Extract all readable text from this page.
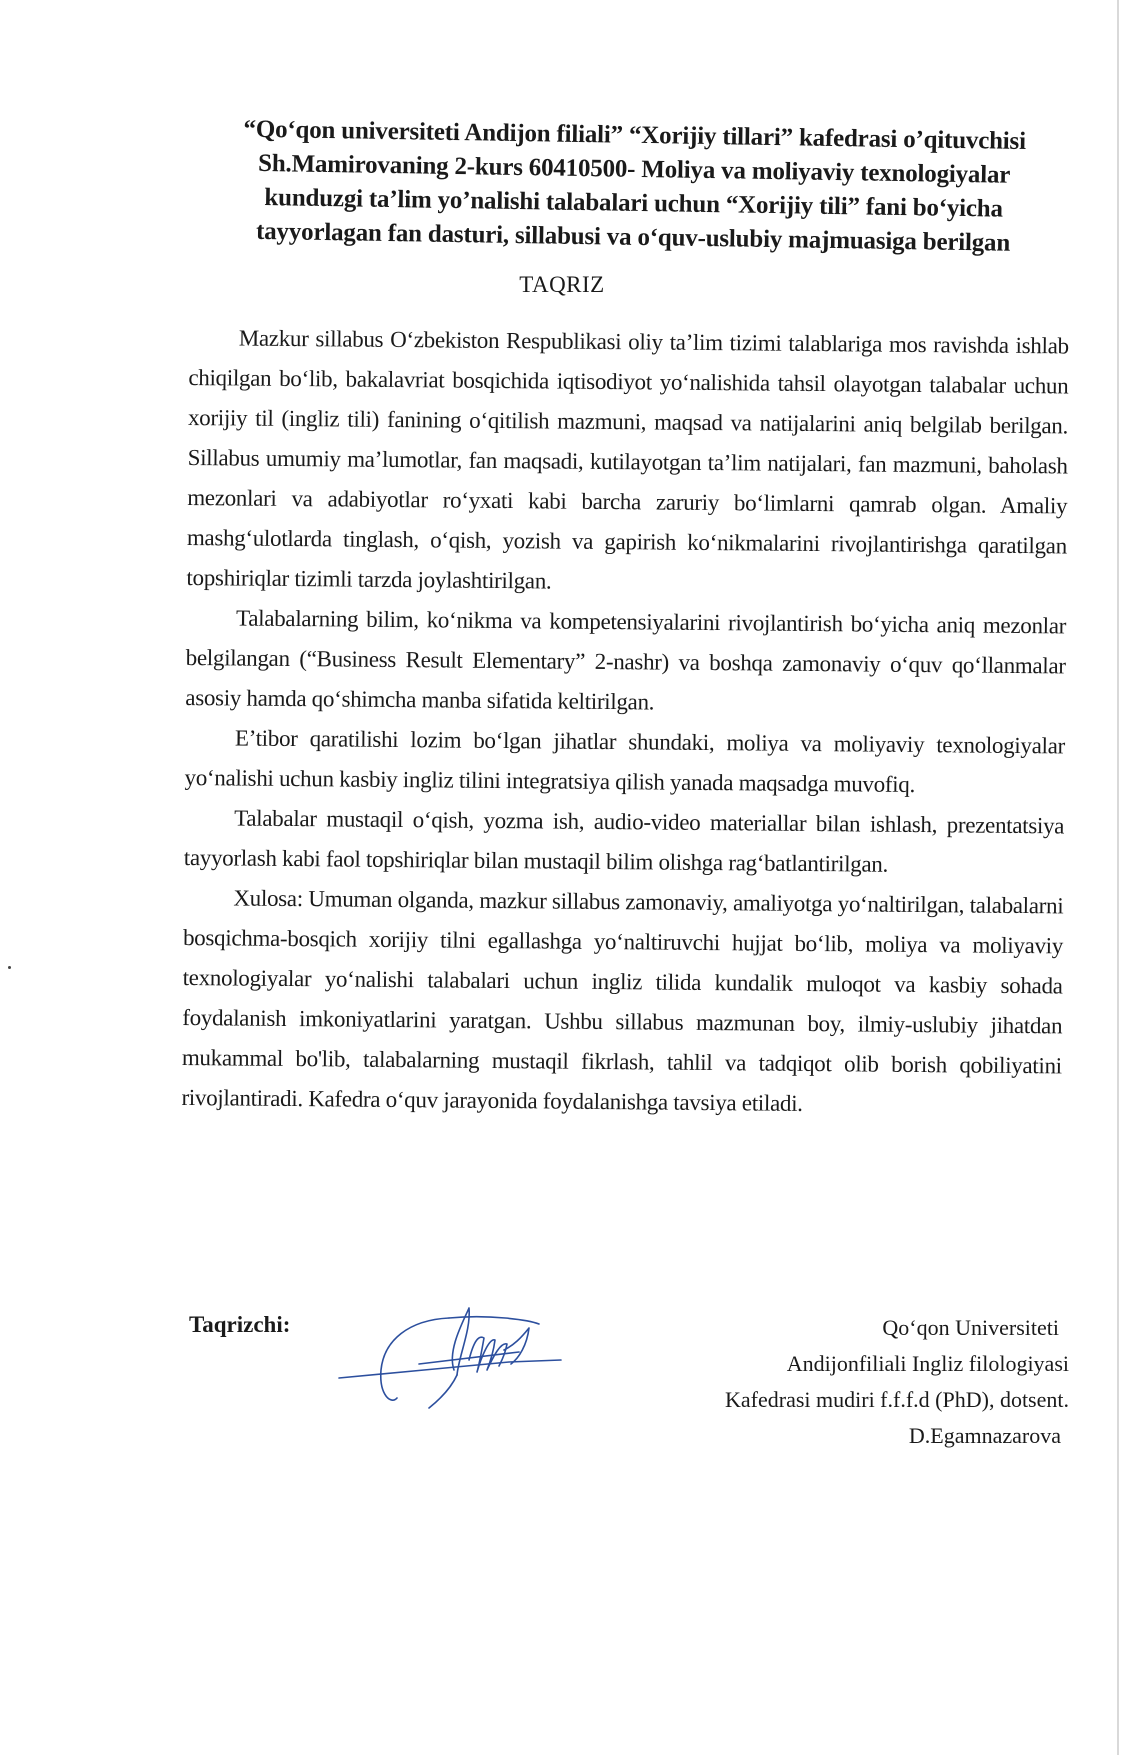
“Qo‘qon universiteti Andijon filiali” “Xorijiy tillari” kafedrasi o’qituvchisi
Sh.Mamirovaning 2-kurs 60410500- Moliya va moliyaviy texnologiyalar
kunduzgi ta’lim yo’nalishi talabalari uchun “Xorijiy tili” fani bo‘yicha
tayyorlagan fan dasturi, sillabusi va o‘quv-uslubiy majmuasiga berilgan
TAQRIZ

Mazkur sillabus O‘zbekiston Respublikasi oliy ta’lim tizimi talablariga mos ravishda ishlab chiqilgan bo‘lib, bakalavriat bosqichida iqtisodiyot yo‘nalishida tahsil olayotgan talabalar uchun xorijiy til (ingliz tili) fanining o‘qitilish mazmuni, maqsad va natijalarini aniq belgilab berilgan. Sillabus umumiy ma’lumotlar, fan maqsadi, kutilayotgan ta’lim natijalari, fan mazmuni, baholash mezonlari va adabiyotlar ro‘yxati kabi barcha zaruriy bo‘limlarni qamrab olgan. Amaliy mashg‘ulotlarda tinglash, o‘qish, yozish va gapirish ko‘nikmalarini rivojlantirishga qaratilgan topshiriqlar tizimli tarzda joylashtirilgan.

Talabalarning bilim, ko‘nikma va kompetensiyalarini rivojlantirish bo‘yicha aniq mezonlar belgilangan (“Business Result Elementary” 2-nashr) va boshqa zamonaviy o‘quv qo‘llanmalar asosiy hamda qo‘shimcha manba sifatida keltirilgan.

E’tibor qaratilishi lozim bo‘lgan jihatlar shundaki, moliya va moliyaviy texnologiyalar yo‘nalishi uchun kasbiy ingliz tilini integratsiya qilish yanada maqsadga muvofiq.

Talabalar mustaqil o‘qish, yozma ish, audio-video materiallar bilan ishlash, prezentatsiya tayyorlash kabi faol topshiriqlar bilan mustaqil bilim olishga rag‘batlantirilgan.

Xulosa: Umuman olganda, mazkur sillabus zamonaviy, amaliyotga yo‘naltirilgan, talabalarni bosqichma-bosqich xorijiy tilni egallashga yo‘naltiruvchi hujjat bo‘lib, moliya va moliyaviy texnologiyalar yo‘nalishi talabalari uchun ingliz tilida kundalik muloqot va kasbiy sohada foydalanish imkoniyatlarini yaratgan. Ushbu sillabus mazmunan boy, ilmiy-uslubiy jihatdan mukammal bo'lib, talabalarning mustaqil fikrlash, tahlil va tadqiqot olib borish qobiliyatini rivojlantiradi. Kafedra o‘quv jarayonida foydalanishga tavsiya etiladi.

Taqrizchi:	Qo‘qon Universiteti
Andijonfiliali Ingliz filologiyasi
Kafedrasi mudiri f.f.f.d (PhD), dotsent.
D.Egamnazarova
